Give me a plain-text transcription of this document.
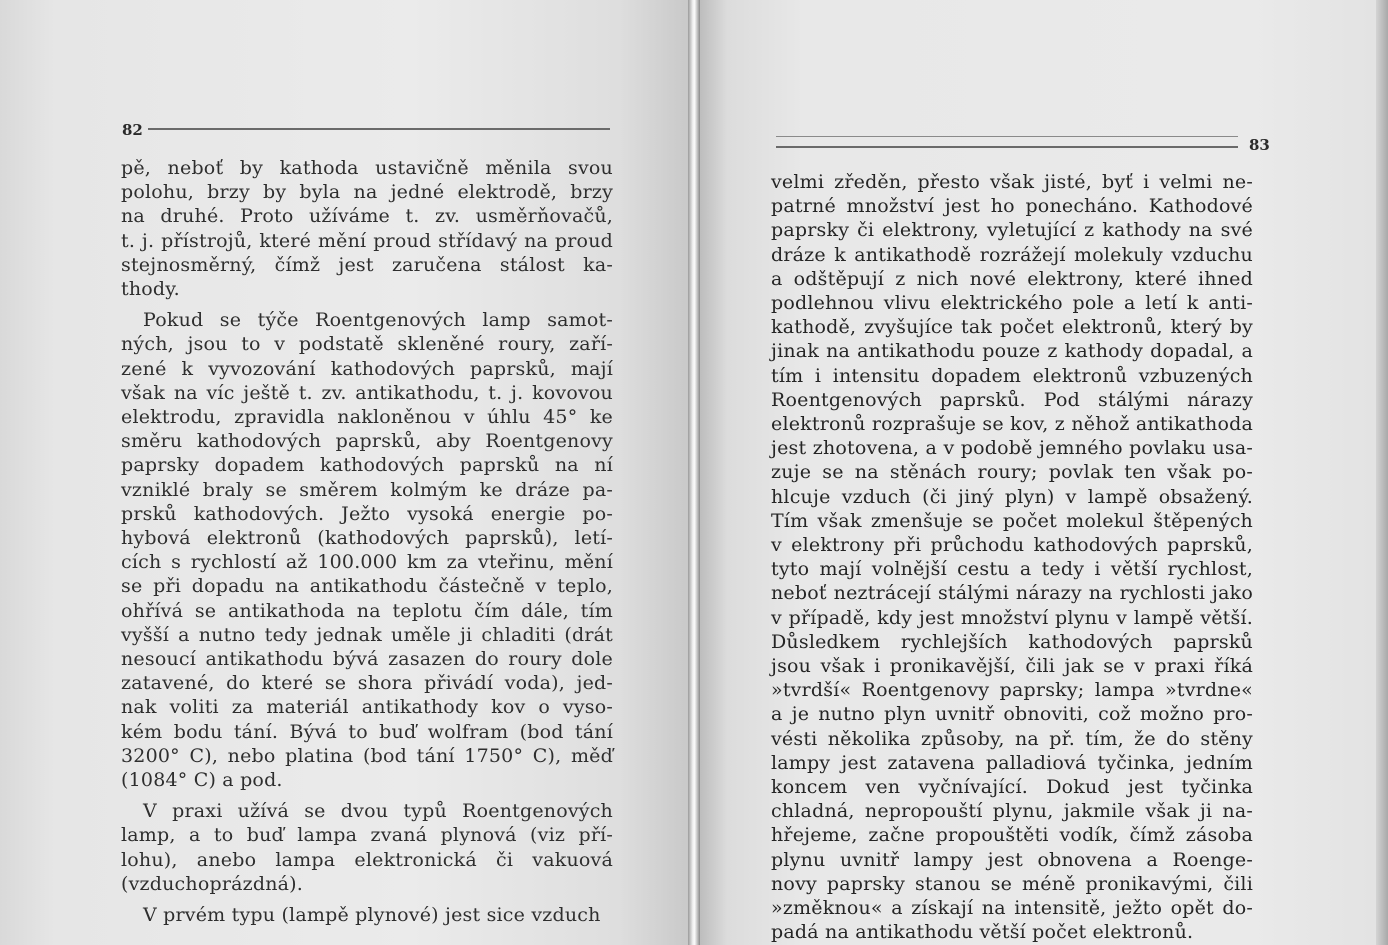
82

pě, neboť by kathoda ustavičně měnila svou

polohu, brzy by byla na jedné elektrodě, brzy

na druhé. Proto užíváme t. zv. usměrňovačů,

t. j. přístrojů, které mění proud střídavý na proud

stejnosměrný, čímž jest zaručena stálost ka-

thody.

Pokud se týče Roentgenových lamp samot-

ných, jsou to v podstatě skleněné roury, zaří-

zené k vyvozování kathodových paprsků, mají

však na víc ještě t. zv. antikathodu, t. j. kovovou

elektrodu, zpravidla nakloněnou v úhlu 45° ke

směru kathodových paprsků, aby Roentgenovy

paprsky dopadem kathodových paprsků na ní

vzniklé braly se směrem kolmým ke dráze pa-

prsků kathodových. Ježto vysoká energie po-

hybová elektronů (kathodových paprsků), letí-

cích s rychlostí až 100.000 km za vteřinu, mění

se při dopadu na antikathodu částečně v teplo,

ohřívá se antikathoda na teplotu čím dále, tím

vyšší a nutno tedy jednak uměle ji chladiti (drát

nesoucí antikathodu bývá zasazen do roury dole

zatavené, do které se shora přivádí voda), jed-

nak voliti za materiál antikathody kov o vyso-

kém bodu tání. Bývá to buď wolfram (bod tání

3200° C), nebo platina (bod tání 1750° C), měď

(1084° C) a pod.

V praxi užívá se dvou typů Roentgenových

lamp, a to buď lampa zvaná plynová (viz pří-

lohu), anebo lampa elektronická či vakuová

(vzduchoprázdná).

V prvém typu (lampě plynové) jest sice vzduch

83

velmi zředěn, přesto však jisté, byť i velmi ne-

patrné množství jest ho ponecháno. Kathodové

paprsky či elektrony, vyletující z kathody na své

dráze k antikathodě rozrážejí molekuly vzduchu

a odštěpují z nich nové elektrony, které ihned

podlehnou vlivu elektrického pole a letí k anti-

kathodě, zvyšujíce tak počet elektronů, který by

jinak na antikathodu pouze z kathody dopadal, a

tím i intensitu dopadem elektronů vzbuzených

Roentgenových paprsků. Pod stálými nárazy

elektronů rozprašuje se kov, z něhož antikathoda

jest zhotovena, a v podobě jemného povlaku usa-

zuje se na stěnách roury; povlak ten však po-

hlcuje vzduch (či jiný plyn) v lampě obsažený.

Tím však zmenšuje se počet molekul štěpených

v elektrony při průchodu kathodových paprsků,

tyto mají volnější cestu a tedy i větší rychlost,

neboť neztrácejí stálými nárazy na rychlosti jako

v případě, kdy jest množství plynu v lampě větší.

Důsledkem rychlejších kathodových paprsků

jsou však i pronikavější, čili jak se v praxi říká

»tvrdší« Roentgenovy paprsky; lampa »tvrdne«

a je nutno plyn uvnitř obnoviti, což možno pro-

vésti několika způsoby, na př. tím, že do stěny

lampy jest zatavena palladiová tyčinka, jedním

koncem ven vyčnívající. Dokud jest tyčinka

chladná, nepropouští plynu, jakmile však ji na-

hřejeme, začne propouštěti vodík, čímž zásoba

plynu uvnitř lampy jest obnovena a Roenge-

novy paprsky stanou se méně pronikavými, čili

»změknou« a získají na intensitě, ježto opět do-

padá na antikathodu větší počet elektronů.
